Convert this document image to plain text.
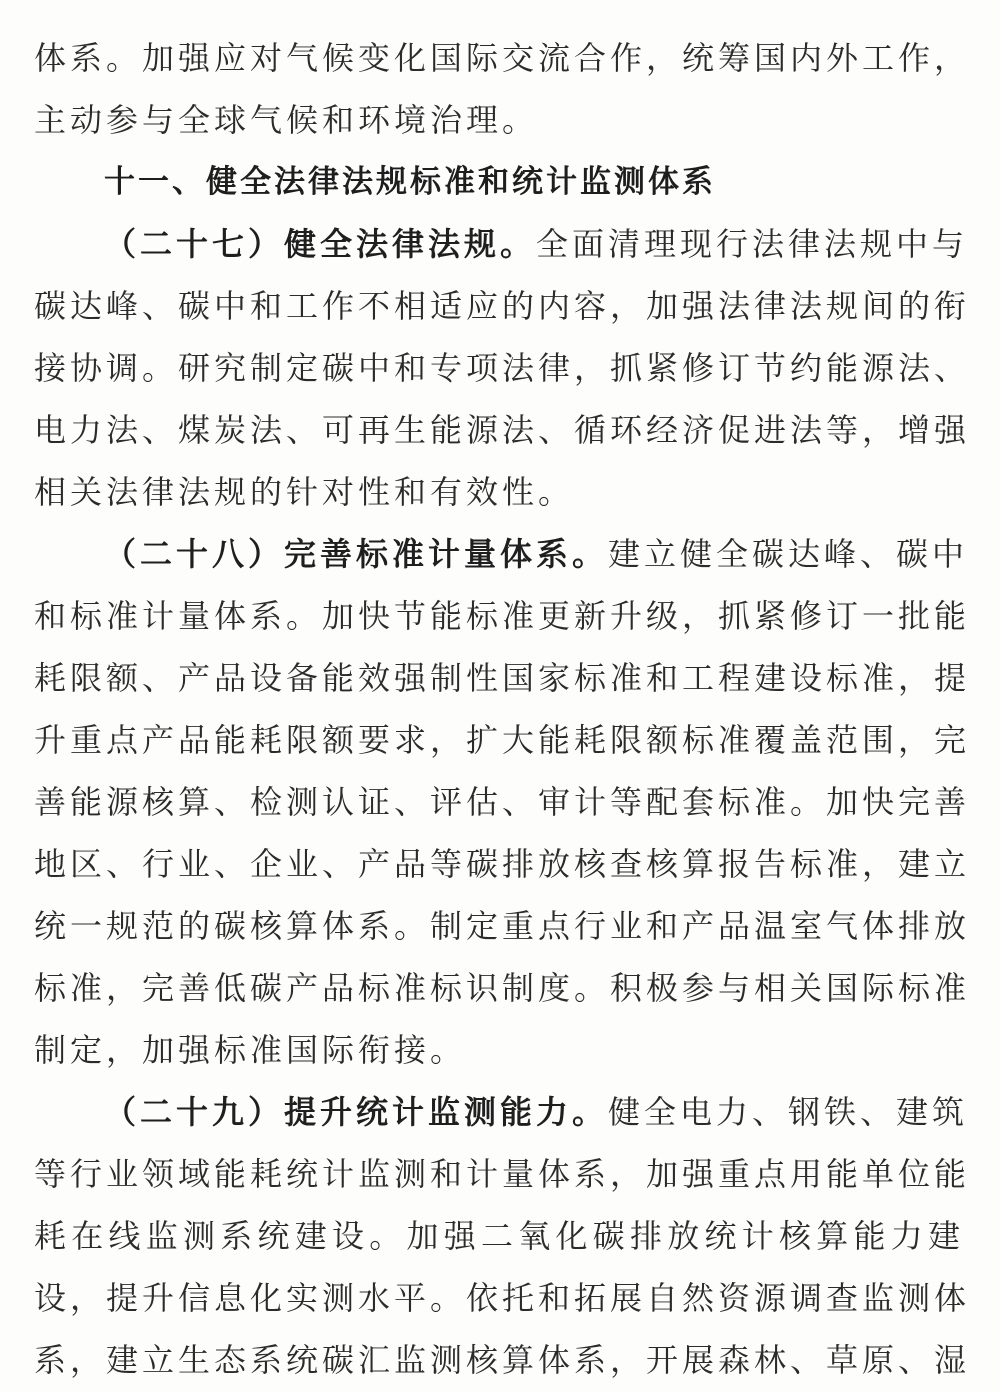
体系。加强应对气候变化国际交流合作，统筹国内外工作，
主动参与全球气候和环境治理。
十一、健全法律法规标准和统计监测体系
（二十七）健全法律法规。全面清理现行法律法规中与
碳达峰、碳中和工作不相适应的内容，加强法律法规间的衔
接协调。研究制定碳中和专项法律，抓紧修订节约能源法、
电力法、煤炭法、可再生能源法、循环经济促进法等，增强
相关法律法规的针对性和有效性。
（二十八）完善标准计量体系。建立健全碳达峰、碳中
和标准计量体系。加快节能标准更新升级，抓紧修订一批能
耗限额、产品设备能效强制性国家标准和工程建设标准，提
升重点产品能耗限额要求，扩大能耗限额标准覆盖范围，完
善能源核算、检测认证、评估、审计等配套标准。加快完善
地区、行业、企业、产品等碳排放核查核算报告标准，建立
统一规范的碳核算体系。制定重点行业和产品温室气体排放
标准，完善低碳产品标准标识制度。积极参与相关国际标准
制定，加强标准国际衔接。
（二十九）提升统计监测能力。健全电力、钢铁、建筑
等行业领域能耗统计监测和计量体系，加强重点用能单位能
耗在线监测系统建设。加强二氧化碳排放统计核算能力建
设，提升信息化实测水平。依托和拓展自然资源调查监测体
系，建立生态系统碳汇监测核算体系，开展森林、草原、湿
